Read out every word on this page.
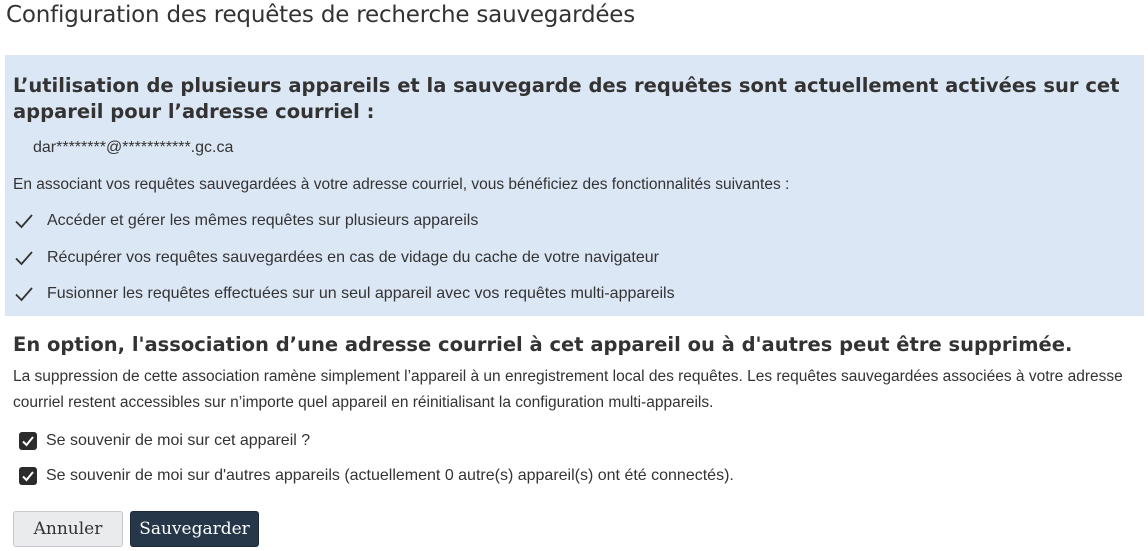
Configuration des requêtes de recherche sauvegardées
L’utilisation de plusieurs appareils et la sauvegarde des requêtes sont actuellement activées sur cet appareil pour l’adresse courriel :
dar********@***********.gc.ca
En associant vos requêtes sauvegardées à votre adresse courriel, vous bénéficiez des fonctionnalités suivantes :
Accéder et gérer les mêmes requêtes sur plusieurs appareils
Récupérer vos requêtes sauvegardées en cas de vidage du cache de votre navigateur
Fusionner les requêtes effectuées sur un seul appareil avec vos requêtes multi-appareils
En option, l'association d’une adresse courriel à cet appareil ou à d'autres peut être supprimée.

La suppression de cette association ramène simplement l’appareil à un enregistrement local des requêtes. Les requêtes sauvegardées associées à votre adresse courriel restent accessibles sur n’importe quel appareil en réinitialisant la configuration multi-appareils.

Se souvenir de moi sur cet appareil ?
Se souvenir de moi sur d'autres appareils (actuellement 0 autre(s) appareil(s) ont été connectés).
Annuler	Sauvegarder
